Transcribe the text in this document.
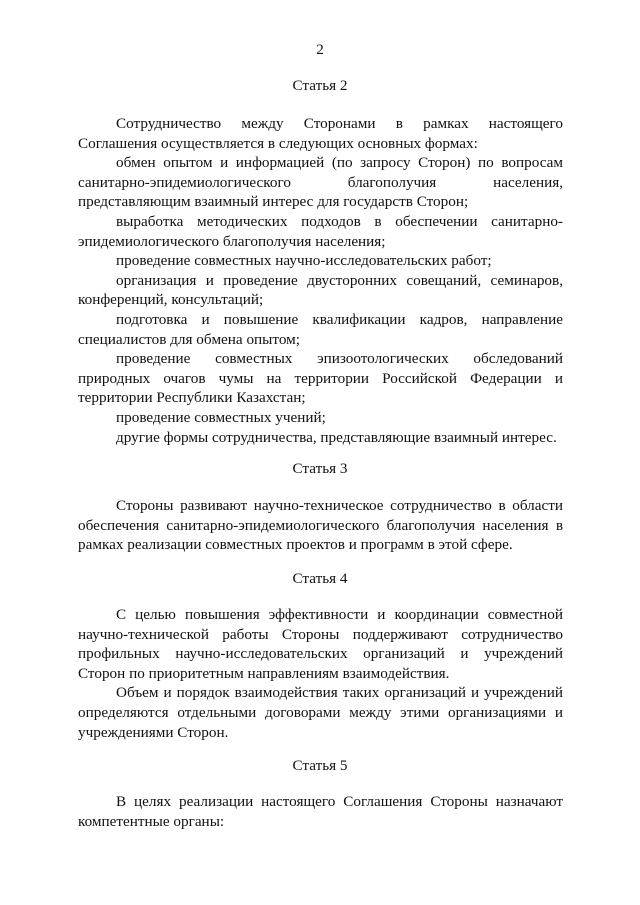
2
Статья 2

Сотрудничество между Сторонами в рамках настоящего Соглашения осуществляется в следующих основных формах:

обмен опытом и информацией (по запросу Сторон) по вопросам санитарно-эпидемиологического благополучия населения, представляющим взаимный интерес для государств Сторон;

выработка методических подходов в обеспечении санитарно-эпидемиологического благополучия населения;

проведение совместных научно-исследовательских работ;

организация и проведение двусторонних совещаний, семинаров, конференций, консультаций;

подготовка и повышение квалификации кадров, направление специалистов для обмена опытом;

проведение совместных эпизоотологических обследований природных очагов чумы на территории Российской Федерации и территории Республики Казахстан;

проведение совместных учений;

другие формы сотрудничества, представляющие взаимный интерес.

Статья 3

Стороны развивают научно-техническое сотрудничество в области обеспечения санитарно-эпидемиологического благополучия населения в рамках реализации совместных проектов и программ в этой сфере.

Статья 4

С целью повышения эффективности и координации совместной научно-технической работы Стороны поддерживают сотрудничество профильных научно-исследовательских организаций и учреждений Сторон по приоритетным направлениям взаимодействия.

Объем и порядок взаимодействия таких организаций и учреждений определяются отдельными договорами между этими организациями и учреждениями Сторон.

Статья 5

В целях реализации настоящего Соглашения Стороны назначают компетентные органы:
